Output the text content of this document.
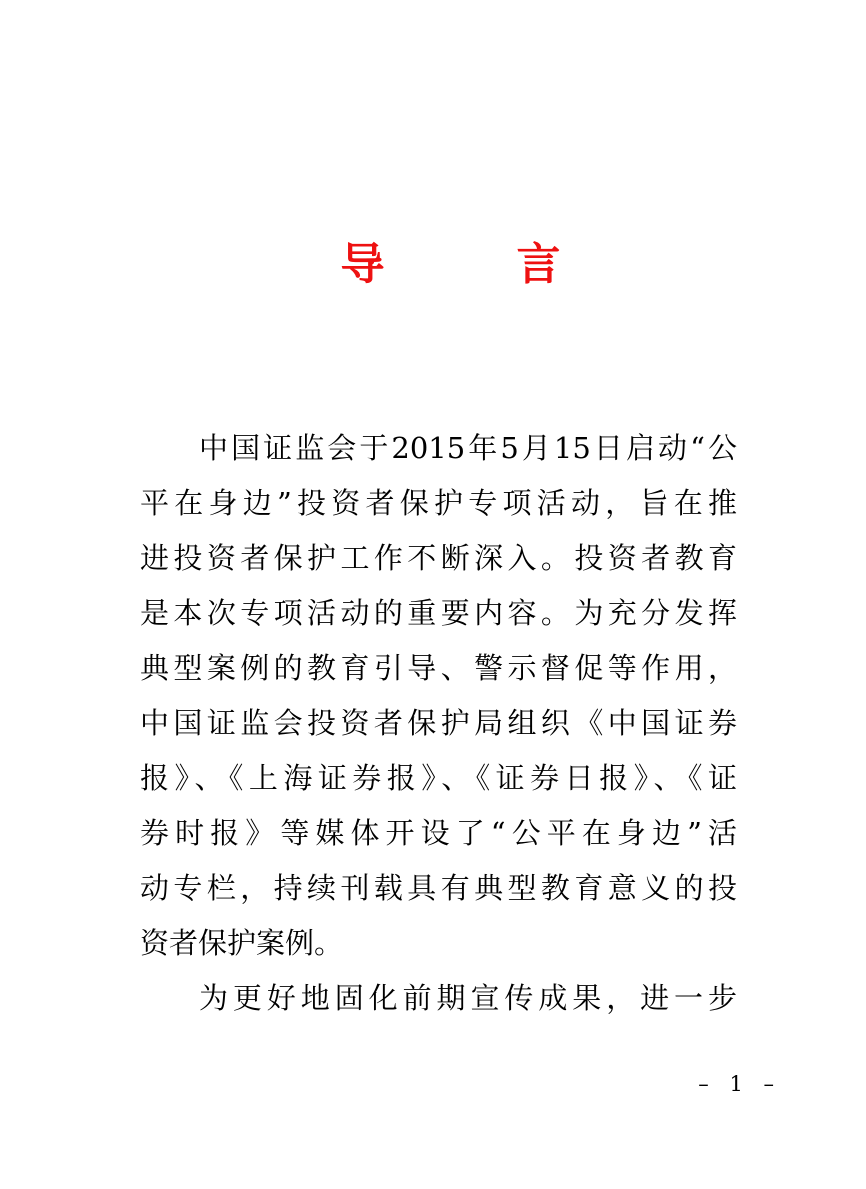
导　　　言
中国证监会于2015年5月15日启动“公
平在身边”投资者保护专项活动，旨在推
进投资者保护工作不断深入。投资者教育
是本次专项活动的重要内容。为充分发挥
典型案例的教育引导、警示督促等作用，
中国证监会投资者保护局组织《中国证券
报》、《上海证券报》、《证券日报》、《证
券时报》等媒体开设了“公平在身边”活
动专栏，持续刊载具有典型教育意义的投
资者保护案例。
为更好地固化前期宣传成果，进一步
– 1 –
